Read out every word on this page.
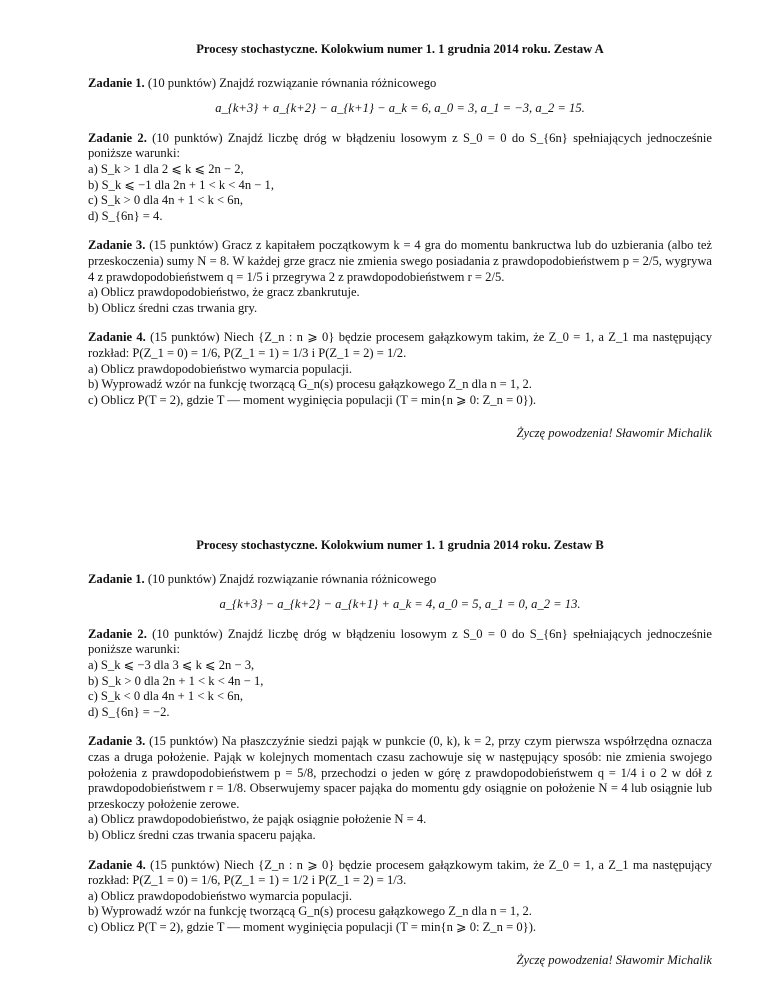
Procesy stochastyczne. Kolokwium numer 1. 1 grudnia 2014 roku. Zestaw A

Zadanie 1. (10 punktów) Znajdź rozwiązanie równania różnicowego

a_{k+3} + a_{k+2} − a_{k+1} − a_k = 6, a_0 = 3, a_1 = −3, a_2 = 15.

Zadanie 2. (10 punktów) Znajdź liczbę dróg w błądzeniu losowym z S_0 = 0 do S_{6n} spełniających jednocześnie poniższe warunki:

a) S_k > 1 dla 2 ⩽ k ⩽ 2n − 2,
b) S_k ⩽ −1 dla 2n + 1 < k < 4n − 1,
c) S_k > 0 dla 4n + 1 < k < 6n,
d) S_{6n} = 4.

Zadanie 3. (15 punktów) Gracz z kapitałem początkowym k = 4 gra do momentu bankructwa lub do uzbierania (albo też przeskoczenia) sumy N = 8. W każdej grze gracz nie zmienia swego posiadania z prawdopodobieństwem p = 2/5, wygrywa 4 z prawdopodobieństwem q = 1/5 i przegrywa 2 z prawdopodobieństwem r = 2/5.

a) Oblicz prawdopodobieństwo, że gracz zbankrutuje.
b) Oblicz średni czas trwania gry.

Zadanie 4. (15 punktów) Niech {Z_n : n ⩾ 0} będzie procesem gałązkowym takim, że Z_0 = 1, a Z_1 ma następujący rozkład: P(Z_1 = 0) = 1/6, P(Z_1 = 1) = 1/3 i P(Z_1 = 2) = 1/2.

a) Oblicz prawdopodobieństwo wymarcia populacji.
b) Wyprowadź wzór na funkcję tworzącą G_n(s) procesu gałązkowego Z_n dla n = 1, 2.
c) Oblicz P(T = 2), gdzie T — moment wyginięcia populacji (T = min{n ⩾ 0: Z_n = 0}).
Życzę powodzenia! Sławomir Michalik
Procesy stochastyczne. Kolokwium numer 1. 1 grudnia 2014 roku. Zestaw B

Zadanie 1. (10 punktów) Znajdź rozwiązanie równania różnicowego

a_{k+3} − a_{k+2} − a_{k+1} + a_k = 4, a_0 = 5, a_1 = 0, a_2 = 13.

Zadanie 2. (10 punktów) Znajdź liczbę dróg w błądzeniu losowym z S_0 = 0 do S_{6n} spełniających jednocześnie poniższe warunki:

a) S_k ⩽ −3 dla 3 ⩽ k ⩽ 2n − 3,
b) S_k > 0 dla 2n + 1 < k < 4n − 1,
c) S_k < 0 dla 4n + 1 < k < 6n,
d) S_{6n} = −2.

Zadanie 3. (15 punktów) Na płaszczyźnie siedzi pająk w punkcie (0, k), k = 2, przy czym pierwsza współrzędna oznacza czas a druga położenie. Pająk w kolejnych momentach czasu zachowuje się w następujący sposób: nie zmienia swojego położenia z prawdopodobieństwem p = 5/8, przechodzi o jeden w górę z prawdopodobieństwem q = 1/4 i o 2 w dół z prawdopodobieństwem r = 1/8. Obserwujemy spacer pająka do momentu gdy osiągnie on położenie N = 4 lub osiągnie lub przeskoczy położenie zerowe.

a) Oblicz prawdopodobieństwo, że pająk osiągnie położenie N = 4.
b) Oblicz średni czas trwania spaceru pająka.

Zadanie 4. (15 punktów) Niech {Z_n : n ⩾ 0} będzie procesem gałązkowym takim, że Z_0 = 1, a Z_1 ma następujący rozkład: P(Z_1 = 0) = 1/6, P(Z_1 = 1) = 1/2 i P(Z_1 = 2) = 1/3.

a) Oblicz prawdopodobieństwo wymarcia populacji.
b) Wyprowadź wzór na funkcję tworzącą G_n(s) procesu gałązkowego Z_n dla n = 1, 2.
c) Oblicz P(T = 2), gdzie T — moment wyginięcia populacji (T = min{n ⩾ 0: Z_n = 0}).
Życzę powodzenia! Sławomir Michalik
